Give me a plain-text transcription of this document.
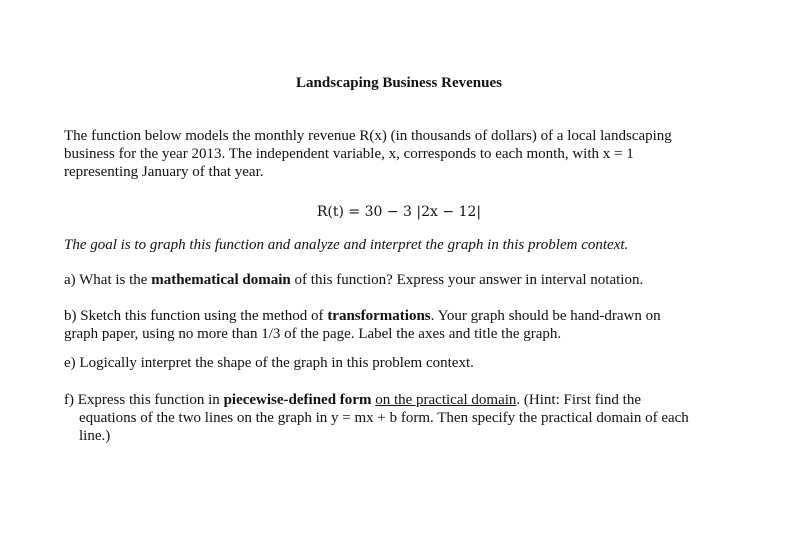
Landscaping Business Revenues
The function below models the monthly revenue R(x) (in thousands of dollars) of a local landscaping
business for the year 2013. The independent variable, x, corresponds to each month, with x = 1
representing January of that year.
R(t) = 30 − 3 |2x − 12|
The goal is to graph this function and analyze and interpret the graph in this problem context.
a) What is the mathematical domain of this function? Express your answer in interval notation.
b) Sketch this function using the method of transformations. Your graph should be hand-drawn on
graph paper, using no more than 1/3 of the page. Label the axes and title the graph.
e) Logically interpret the shape of the graph in this problem context.
f) Express this function in piecewise-defined form on the practical domain. (Hint: First find the
equations of the two lines on the graph in y = mx + b form. Then specify the practical domain of each
line.)
